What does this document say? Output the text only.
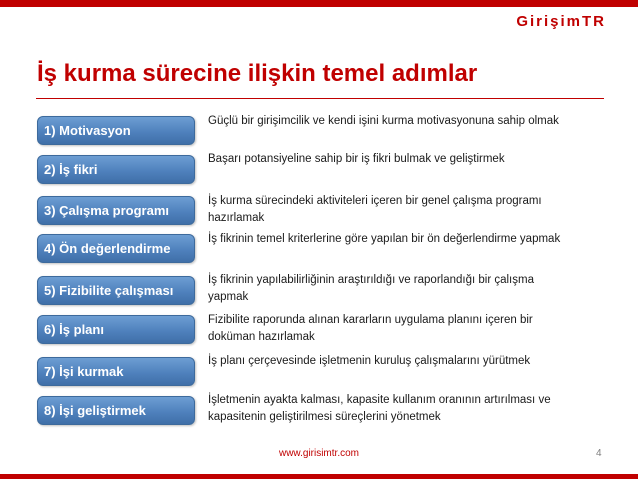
GirişimTR
İş kurma sürecine ilişkin temel adımlar
1) Motivasyon
Güçlü bir girişimcilik ve kendi işini kurma motivasyonuna sahip olmak
2) İş fikri
Başarı potansiyeline sahip bir iş fikri bulmak ve geliştirmek
3) Çalışma programı
İş kurma sürecindeki aktiviteleri içeren bir genel çalışma programı hazırlamak
4) Ön değerlendirme
İş fikrinin temel kriterlerine göre yapılan bir ön değerlendirme yapmak
5) Fizibilite çalışması
İş fikrinin yapılabilirliğinin araştırıldığı ve raporlandığı bir çalışma yapmak
6) İş planı
Fizibilite raporunda alınan kararların uygulama planını içeren bir doküman hazırlamak
7) İşi kurmak
İş planı çerçevesinde işletmenin kuruluş çalışmalarını yürütmek
8) İşi geliştirmek
İşletmenin ayakta kalması, kapasite kullanım oranının artırılması ve kapasitenin geliştirilmesi süreçlerini yönetmek
www.girisimtr.com	4
